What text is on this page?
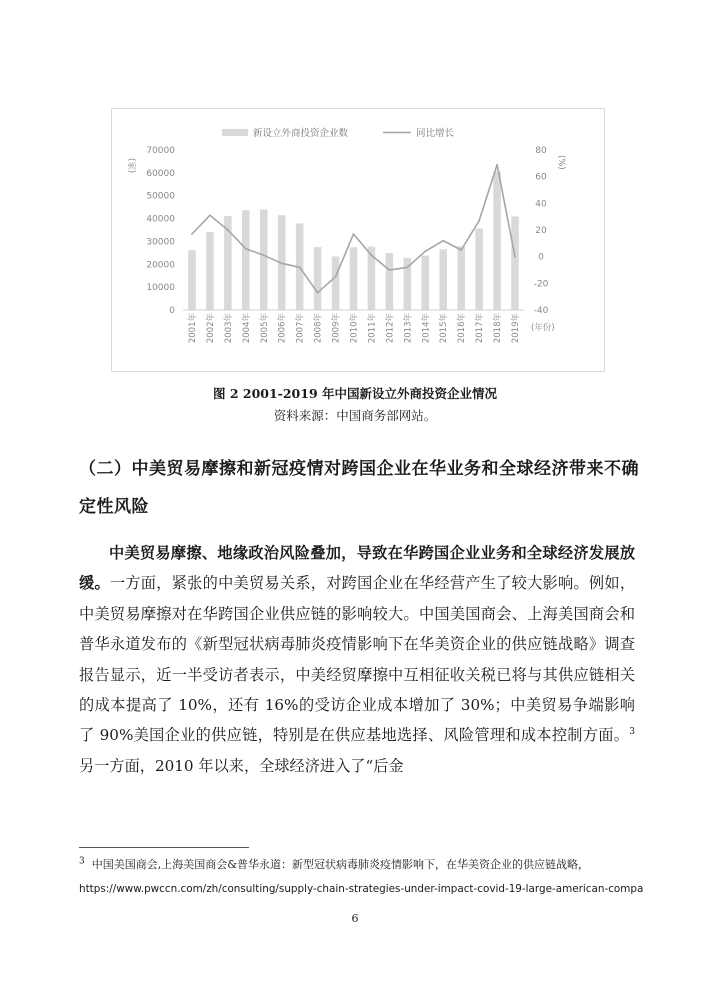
新设立外商投资企业数	同比增长
(家)	(%)
(年份)
70000
60000
50000
40000
30000
20000
10000
0
80
60
40
20
0
-20
-40
2001年 2002年 2003年 2004年 2005年 2006年 2007年 2008年 2009年 2010年 2011年 2012年 2013年 2014年 2015年 2016年 2017年 2018年 2019年
图 2 2001-2019 年中国新设立外商投资企业情况
资料来源：中国商务部网站。

（二）中美贸易摩擦和新冠疫情对跨国企业在华业务和全球经济带来不确定性风险

中美贸易摩擦、地缘政治风险叠加，导致在华跨国企业业务和全球经济发展放缓。一方面，紧张的中美贸易关系，对跨国企业在华经营产生了较大影响。例如，中美贸易摩擦对在华跨国企业供应链的影响较大。中国美国商会、上海美国商会和普华永道发布的《新型冠状病毒肺炎疫情影响下在华美资企业的供应链战略》调查报告显示，近一半受访者表示，中美经贸摩擦中互相征收关税已将与其供应链相关的成本提高了 10%，还有 16%的受访企业成本增加了 30%；中美贸易争端影响了 90%美国企业的供应链，特别是在供应基地选择、风险管理和成本控制方面。$^3$另一方面，2010 年以来，全球经济进入了“后金

$^3$ 中国美国商会,上海美国商会&普华永道：新型冠状病毒肺炎疫情影响下，在华美资企业的供应链战略，
https://www.pwccn.com/zh/consulting/supply-chain-strategies-under-impact-covid-19-large-american-compa
6
